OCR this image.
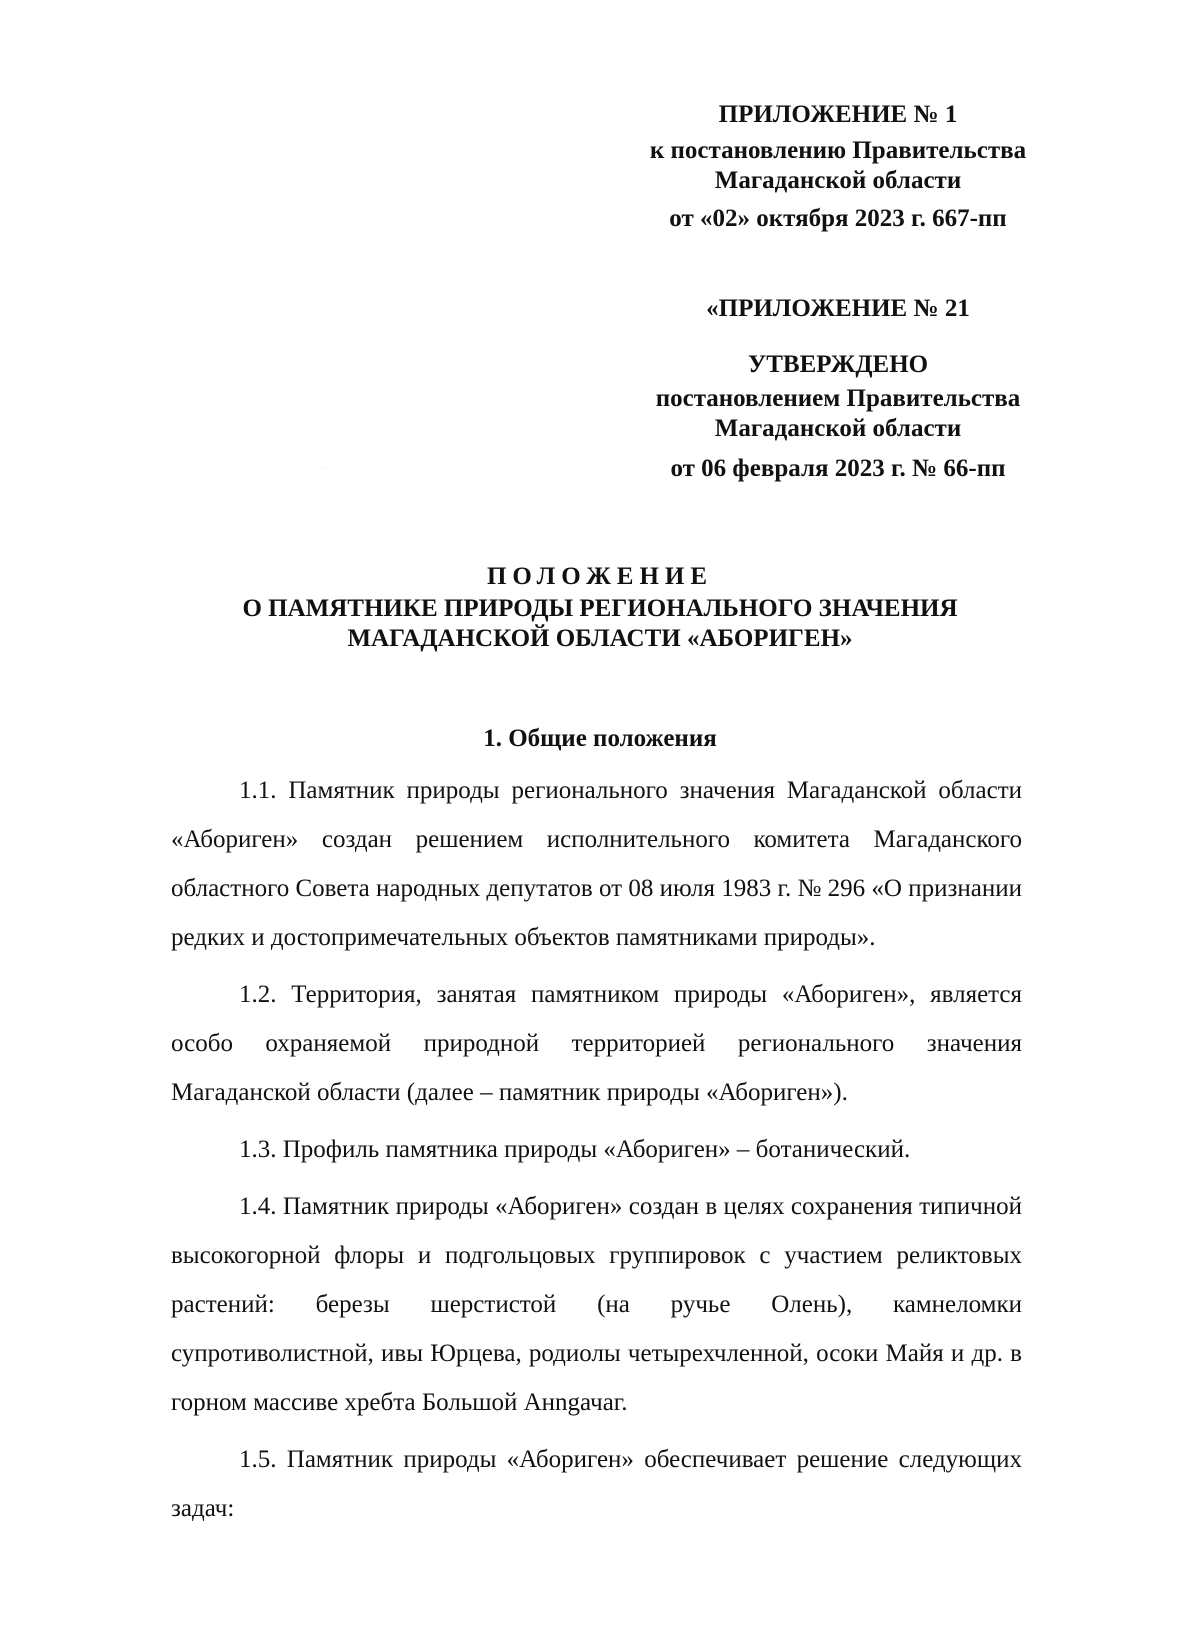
ПРИЛОЖЕНИЕ № 1
к постановлению Правительства
Магаданской области
от «02» октября 2023 г. 667-пп
«ПРИЛОЖЕНИЕ № 21
УТВЕРЖДЕНО
постановлением Правительства
Магаданской области
от 06 февраля 2023 г. № 66-пп
ПОЛОЖЕНИЕ
О ПАМЯТНИКЕ ПРИРОДЫ РЕГИОНАЛЬНОГО ЗНАЧЕНИЯ
МАГАДАНСКОЙ ОБЛАСТИ «АБОРИГЕН»
1. Общие положения

1.1. Памятник природы регионального значения Магаданской области «Абориген» создан решением исполнительного комитета Магаданского областного Совета народных депутатов от 08 июля 1983 г. № 296 «О признании редких и достопримечательных объектов памятниками природы».

1.2. Территория, занятая памятником природы «Абориген», является особо охраняемой природной территорией регионального значения Магаданской области (далее – памятник природы «Абориген»).

1.3. Профиль памятника природы «Абориген» – ботанический.

1.4. Памятник природы «Абориген» создан в целях сохранения типичной высокогорной флоры и подгольцовых группировок с участием реликтовых растений: березы шерстистой (на ручье Олень), камнеломки супротиволистной, ивы Юрцева, родиолы четырехчленной, осоки Майя и др. в горном массиве хребта Большой Анngачаг.

1.5. Памятник природы «Абориген» обеспечивает решение следующих задач:
